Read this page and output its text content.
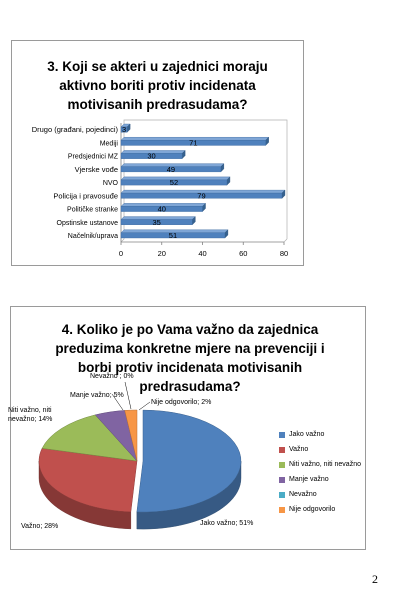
3. Koji se akteri u zajednici moraju
aktivno boriti protiv incidenata
motivisanih predrasudama?
0	20	40	60	80
Drugo (građani, pojedinci) 3
Mediji	71
Predsjednici MZ	30
Vjerske vođe	49
NVO	52
Policija i pravosuđe	79
Političke stranke	40
Opstinske ustanove	35
Načelnik/uprava	51
4. Koliko je po Vama važno da zajednica
preduzima konkretne mjere na prevenciji i
borbi protiv incidenata motivisanih
predrasudama?
Jako važno; 51%
Važno; 28%
Niti važno, niti
nevažno; 14%
Manje važno; 5%
Nevažno ; 0%
Nije odgovorilo; 2%
Jako važno
Važno
Niti važno, niti nevažno
Manje važno
Nevažno
Nije odgovorilo
2
